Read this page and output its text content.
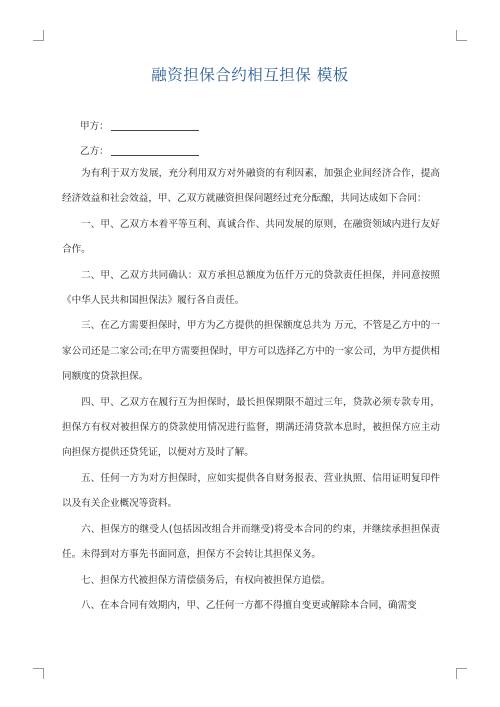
融资担保合约相互担保 模板
甲方：
乙方：

为有利于双方发展，充分利用双方对外融资的有利因素，加强企业间经济合作，提高经济效益和社会效益，甲、乙双方就融资担保问题经过充分酝酿，共同达成如下合同：

一、甲、乙双方本着平等互利、真诚合作、共同发展的原则，在融资领域内进行友好合作。

二、甲、乙双方共同确认：双方承担总额度为伍仟万元的贷款责任担保，并同意按照《中华人民共和国担保法》履行各自责任。

三、在乙方需要担保时，甲方为乙方提供的担保额度总共为 万元，不管是乙方中的一家公司还是二家公司;在甲方需要担保时，甲方可以选择乙方中的一家公司，为甲方提供相同额度的贷款担保。

四、甲、乙双方在履行互为担保时，最长担保期限不超过三年，贷款必须专款专用，担保方有权对被担保方的贷款使用情况进行监督，期满还清贷款本息时，被担保方应主动向担保方提供还贷凭证，以便对方及时了解。

五、任何一方为对方担保时，应如实提供各自财务报表、营业执照、信用证明复印件以及有关企业概况等资料。

六、担保方的继受人(包括因改组合并而继受)将受本合同的约束，并继续承担担保责任。未得到对方事先书面同意，担保方不会转让其担保义务。

七、担保方代被担保方清偿债务后，有权向被担保方追偿。

八、在本合同有效期内，甲、乙任何一方都不得擅自变更或解除本合同，确需变
